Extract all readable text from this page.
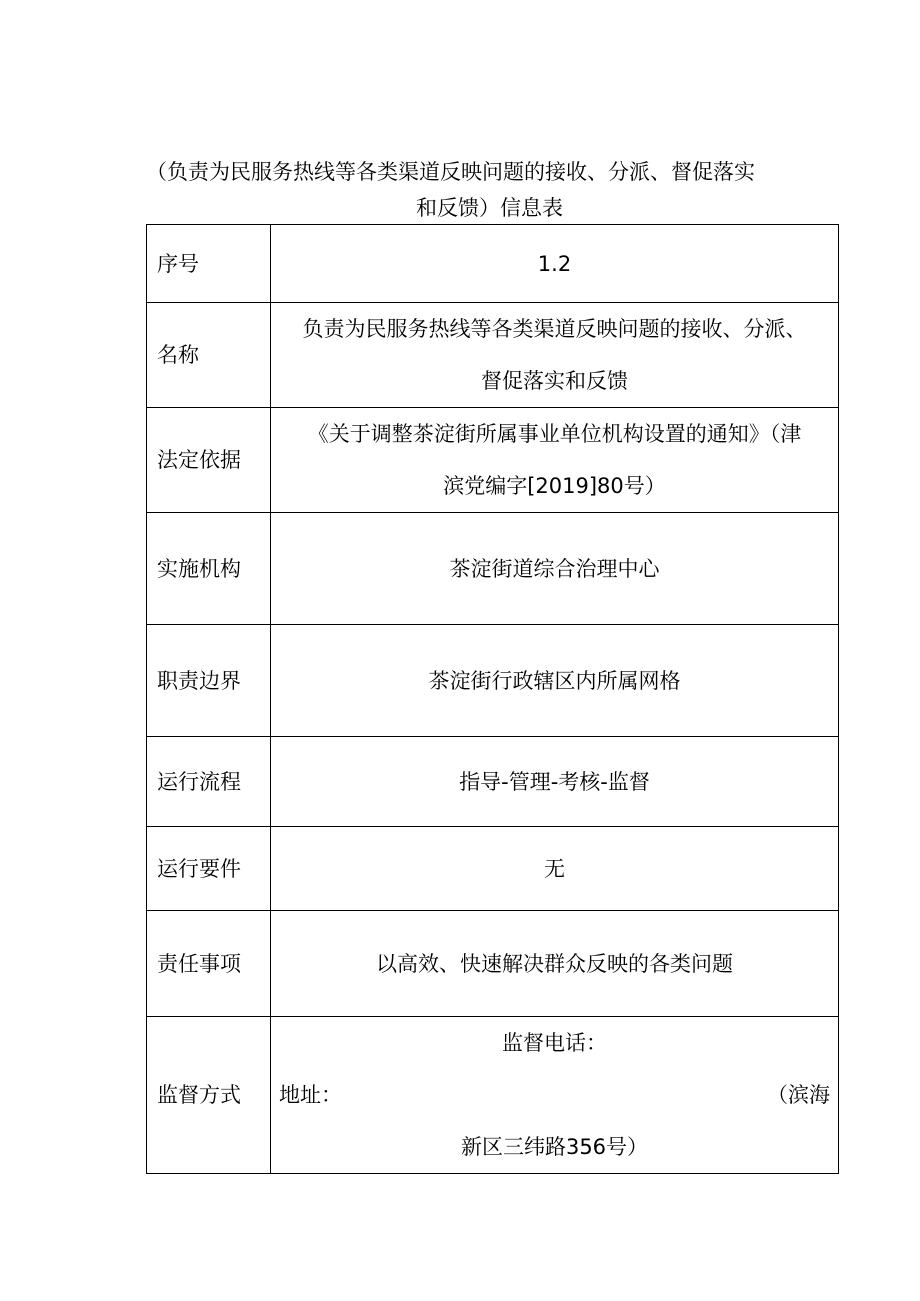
（负责为民服务热线等各类渠道反映问题的接收、分派、督促落实
和反馈）信息表
序号	1.2

名称	负责为民服务热线等各类渠道反映问题的接收、分派、
督促落实和反馈

法定依据	《关于调整茶淀街所属事业单位机构设置的通知》（津
滨党编字[2019]80号）

实施机构	茶淀街道综合治理中心

职责边界	茶淀街行政辖区内所属网格

运行流程	指导-管理-考核-监督

运行要件	无

责任事项	以高效、快速解决群众反映的各类问题

监督方式	监督电话：
地址： （滨海
新区三纬路356号）
